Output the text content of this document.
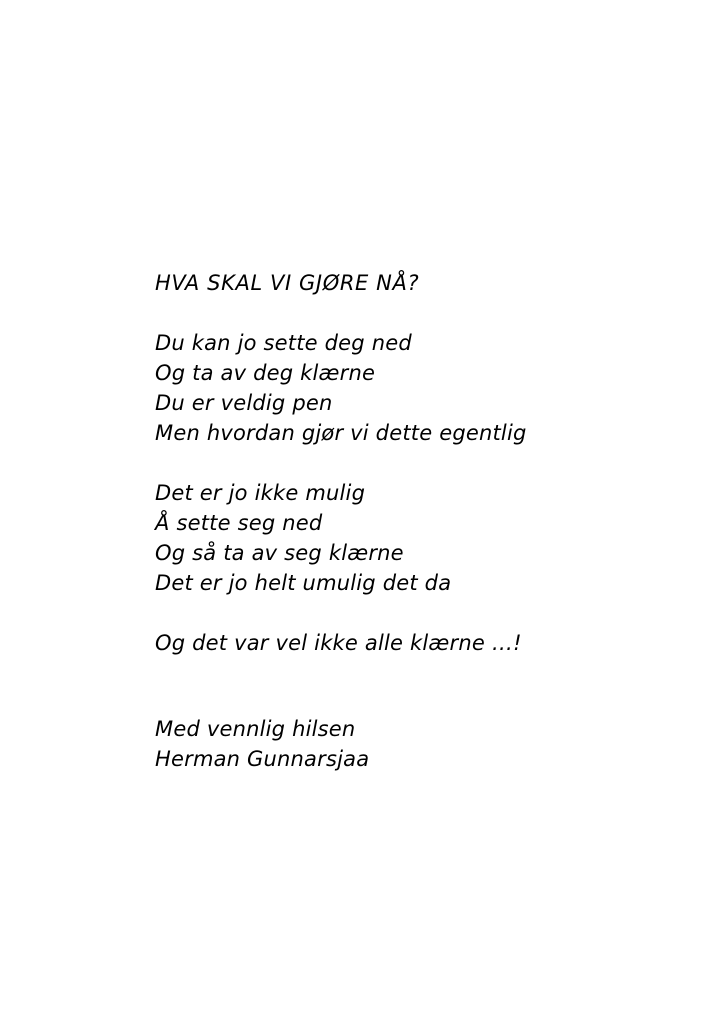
HVA SKAL VI GJØRE NÅ?
Du kan jo sette deg ned
Og ta av deg klærne
Du er veldig pen
Men hvordan gjør vi dette egentlig
Det er jo ikke mulig
Å sette seg ned
Og så ta av seg klærne
Det er jo helt umulig det da
Og det var vel ikke alle klærne …!
Med vennlig hilsen
Herman Gunnarsjaa
